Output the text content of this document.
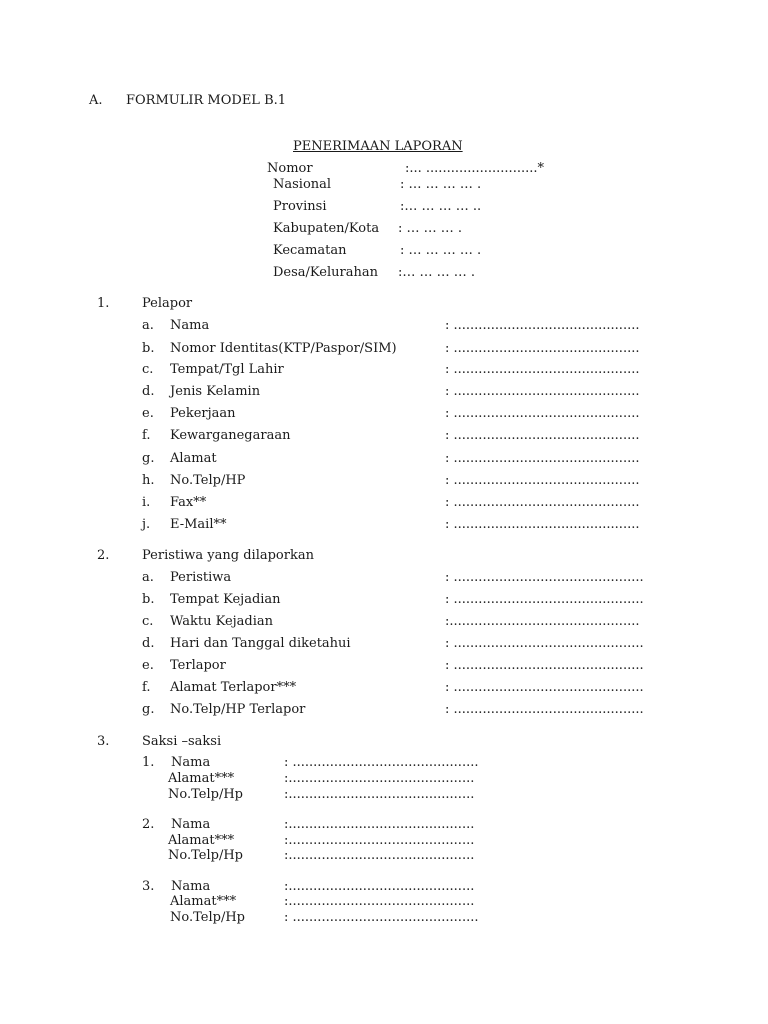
A. FORMULIR MODEL B.1
PENERIMAAN LAPORAN
Nomor	:... ...........................*
Nasional	: … … … … .
Provinsi	:… … … … ..
Kabupaten/Kota : … … … .
Kecamatan	: … … … … .
Desa/Kelurahan :… … … … .
1.	Pelapor
a. Nama	: .............................................
b. Nomor Identitas(KTP/Paspor/SIM)	: .............................................
c. Tempat/Tgl Lahir	: .............................................
d. Jenis Kelamin	: .............................................
e. Pekerjaan	: .............................................
f. Kewarganegaraan	: .............................................
g. Alamat	: .............................................
h. No.Telp/HP	: .............................................
i. Fax**	: .............................................
j. E-Mail**	: .............................................
2.	Peristiwa yang dilaporkan
a. Peristiwa	: ..............................................
b. Tempat Kejadian	: ..............................................
c. Waktu Kejadian	:..............................................
d. Hari dan Tanggal diketahui	: ..............................................
e. Terlapor	: ..............................................
f. Alamat Terlapor***	: ..............................................
g. No.Telp/HP Terlapor	: ..............................................
3.	Saksi –saksi
1. Nama	: .............................................
Alamat***	:.............................................
No.Telp/Hp	:.............................................
2. Nama	:.............................................
Alamat***	:.............................................
No.Telp/Hp	:.............................................
3. Nama	:.............................................
Alamat***	:.............................................
No.Telp/Hp	: .............................................
